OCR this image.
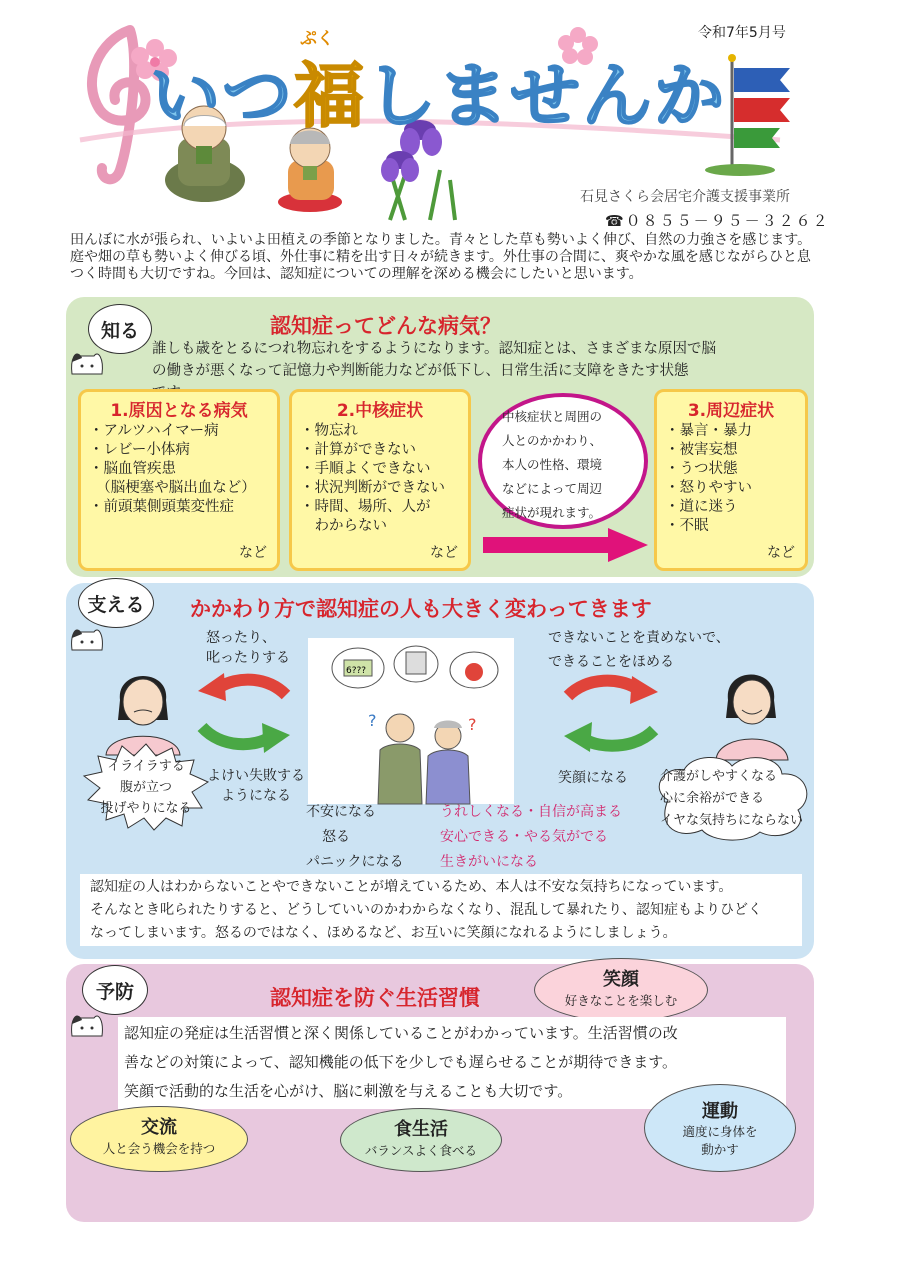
令和7年5月号
ぷく
いつ福しませんか
石見さくら会居宅介護支援事業所
☎０８５５－９５－３２６２

田んぼに水が張られ、いよいよ田植えの季節となりました。青々とした草も勢いよく伸び、自然の力強さを感じます。

庭や畑の草も勢いよく伸びる頃、外仕事に精を出す日々が続きます。外仕事の合間に、爽やかな風を感じながらひと息つく時間も大切ですね。今回は、認知症についての理解を深める機会にしたいと思います。

知る	認知症ってどんな病気？
誰しも歳をとるにつれ物忘れをするようになります。認知症とは、さまざまな原因で脳
の働きが悪くなって記憶力や判断能力などが低下し、日常生活に支障をきたす状態
1.原因となる病気
・アルツハイマー病
・レビー小体病
・脳血管疾患
　（脳梗塞や脳出血など）
・前頭葉側頭葉変性症
など
2.中核症状
・物忘れ
・計算ができない
・手順よくできない
・状況判断ができない
・時間、場所、人が
　わからない
など
中核症状と周囲の
人とのかかわり、
本人の性格、環境
などによって周辺
症状が現れます。
3.周辺症状
・暴言・暴力
・被害妄想
・うつ状態
・怒りやすい
・道に迷う
・不眠
など
支える	かかわり方で認知症の人も大きく変わってきます
怒ったり、
叱ったりする
できないことを責めないで、
できることをほめる
イライラする
腹が立つ
投げやりになる
よけい失敗する
ようになる
6???
?	?
不安になる
怒る
パニックになる
うれしくなる・自信が高まる
安心できる・やる気がでる
生きがいになる
笑顔になる 介護がしやすくなる
心に余裕ができる
イヤな気持ちにならない
認知症の人はわからないことやできないことが増えているため、本人は不安な気持ちになっています。
そんなとき叱られたりすると、どうしていいのかわからなくなり、混乱して暴れたり、認知症もよりひどく
なってしまいます。怒るのではなく、ほめるなど、お互いに笑顔になれるようにしましょう。
予防	認知症を防ぐ生活習慣
笑顔
好きなことを楽しむ
認知症の発症は生活習慣と深く関係していることがわかっています。生活習慣の改
善などの対策によって、認知機能の低下を少しでも遅らせることが期待できます。
笑顔で活動的な生活を心がけ、脳に刺激を与えることも大切です。
交流
人と会う機会を持つ
食生活
バランスよく食べる
運動
適度に身体を
動かす
